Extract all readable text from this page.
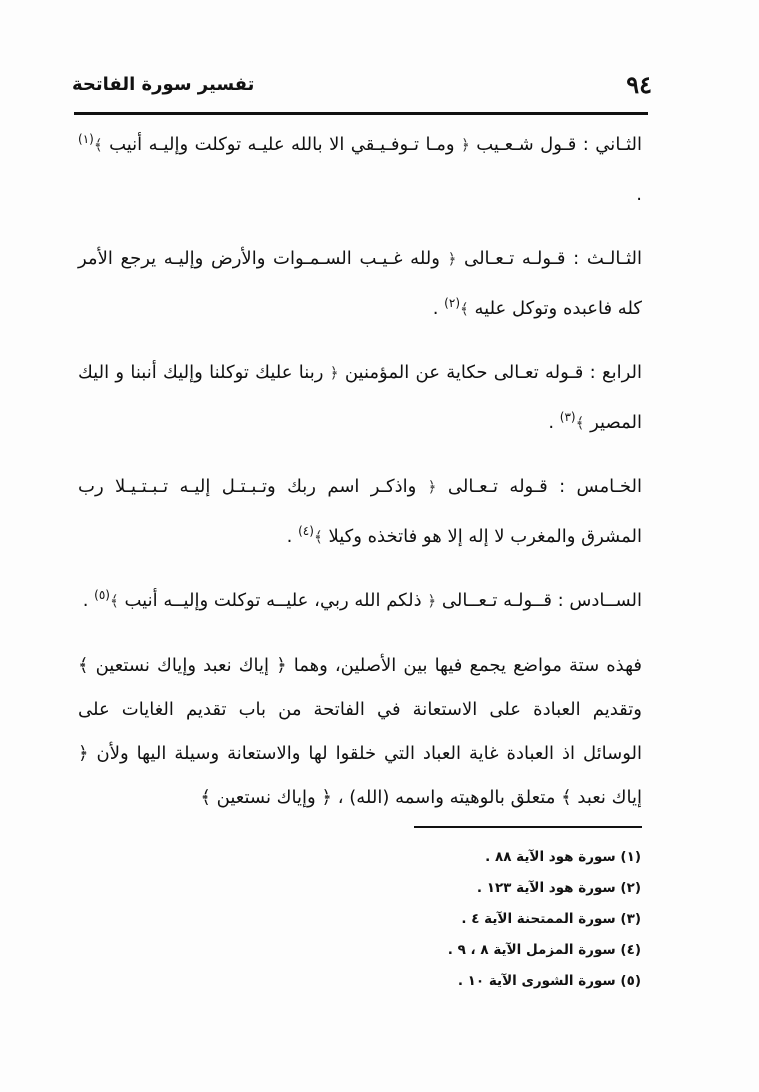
٩٤
تفسير سورة الفاتحة

الثـاني : قـول شـعـيب ﴿ ومـا تـوفـيـقي الا بالله عليـه توكلت وإليـه أنيب ﴾$^{(١)}$ .

الثـالـث : قـولـه تـعـالى ﴿ ولله غـيـب السـمـوات والأرض وإليـه يرجع الأمر كله فاعبده وتوكل عليه ﴾$^{(٢)}$ .

الرابع : قـوله تعـالى حكاية عن المؤمنين ﴿ ربنا عليك توكلنا وإليك أنبنا و اليك المصير ﴾$^{(٣)}$ .

الخـامس : قـوله تـعـالى ﴿ واذكـر اسم ربك وتـبـتـل إليـه تـبـتـيـلا رب المشرق والمغرب لا إله إلا هو فاتخذه وكيلا ﴾$^{(٤)}$ .

الســادس : قــولـه تـعــالى ﴿ ذلكم الله ربي، عليــه توكلت وإليــه أنيب ﴾$^{(٥)}$ .

فهذه ستة مواضع يجمع فيها بين الأصلين، وهما ﴿ إياك نعبد وإياك نستعين ﴾ وتقديم العبادة على الاستعانة في الفاتحة من باب تقديم الغايات على الوسائل اذ العبادة غاية العباد التي خلقوا لها والاستعانة وسيلة اليها ولأن ﴿ إياك نعبد ﴾ متعلق بالوهيته واسمه (الله) ، ﴿ وإياك نستعين ﴾

(١) سورة هود الآية ٨٨ .
(٢) سورة هود الآية ١٢٣ .
(٣) سورة الممتحنة الآية ٤ .
(٤) سورة المزمل الآية ٨ ، ٩ .
(٥) سورة الشورى الآية ١٠ .
